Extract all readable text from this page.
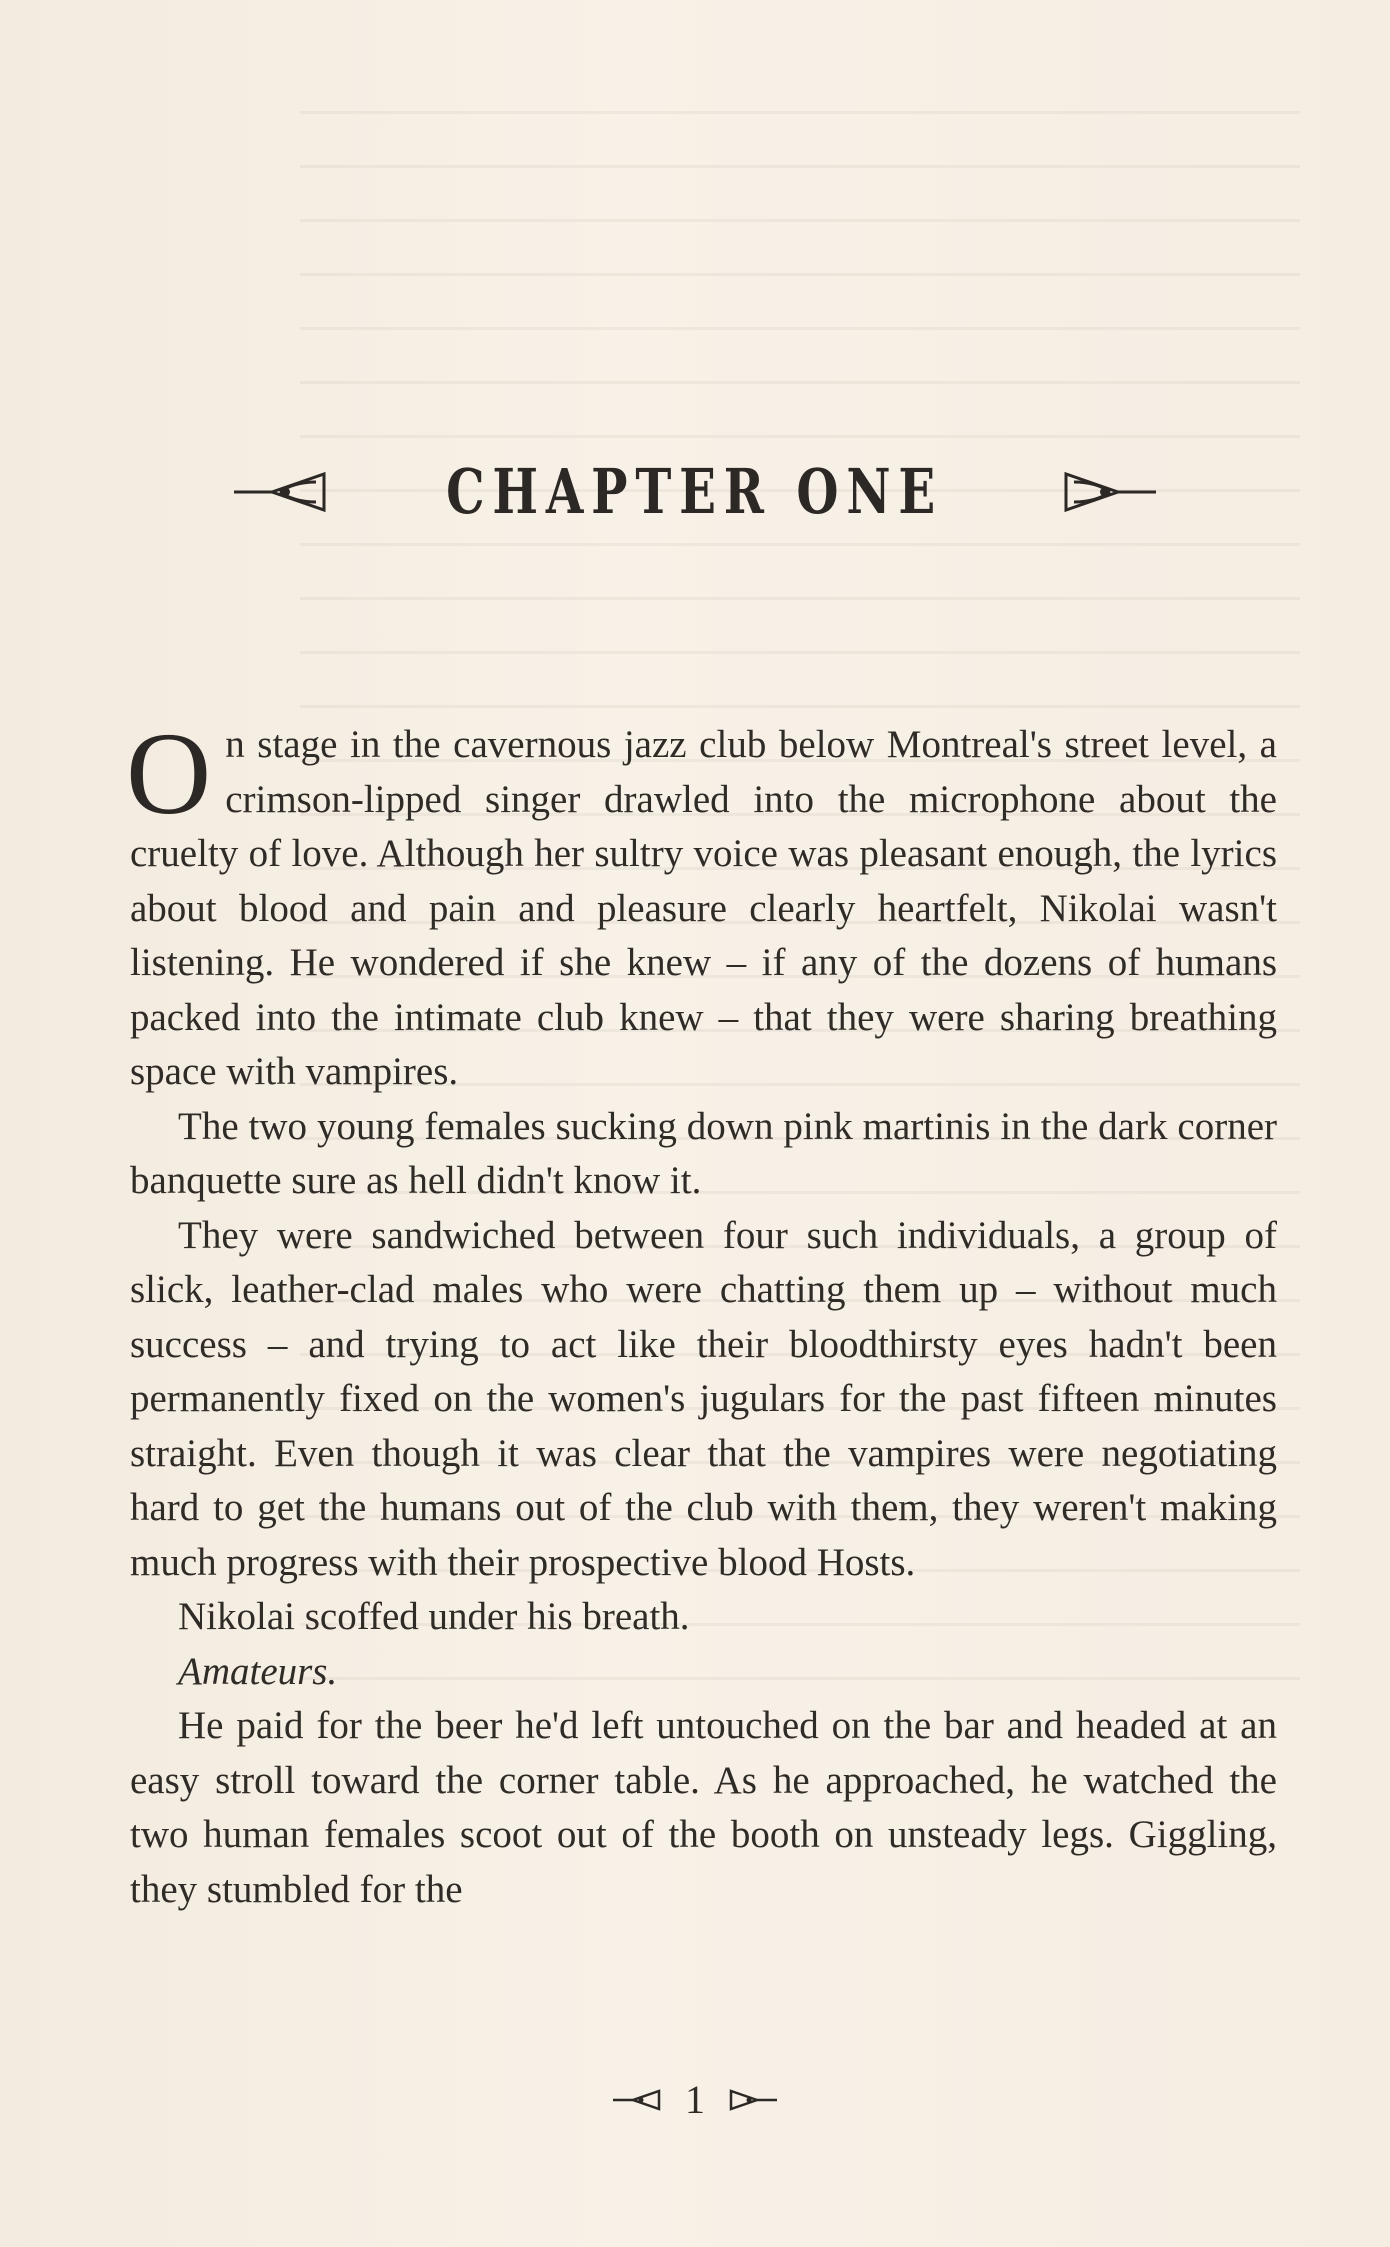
CHAPTER ONE

On stage in the cavernous jazz club below Montreal's street level, a crimson-lipped singer drawled into the microphone about the cruelty of love. Although her sultry voice was pleasant enough, the lyrics about blood and pain and pleasure clearly heartfelt, Nikolai wasn't listening. He wondered if she knew – if any of the dozens of humans packed into the intimate club knew – that they were sharing breathing space with vampires.

The two young females sucking down pink martinis in the dark corner banquette sure as hell didn't know it.

They were sandwiched between four such individuals, a group of slick, leather-clad males who were chatting them up – without much success – and trying to act like their bloodthirsty eyes hadn't been permanently fixed on the women's jugulars for the past fifteen minutes straight. Even though it was clear that the vampires were negotiating hard to get the humans out of the club with them, they weren't making much progress with their prospective blood Hosts.

Nikolai scoffed under his breath.

Amateurs.

He paid for the beer he'd left untouched on the bar and headed at an easy stroll toward the corner table. As he approached, he watched the two human females scoot out of the booth on unsteady legs. Giggling, they stumbled for the

1
